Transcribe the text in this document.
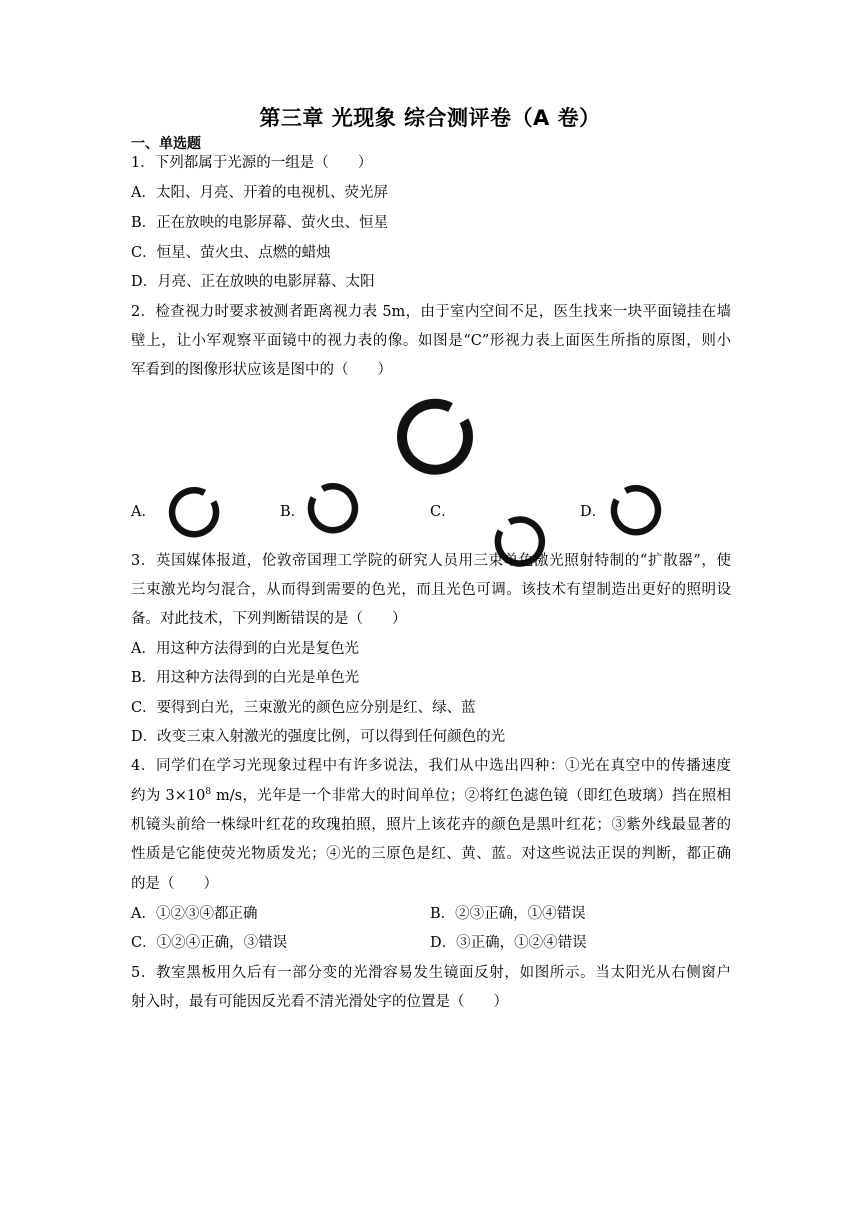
第三章 光现象 综合测评卷（A 卷）
一、单选题
1．下列都属于光源的一组是（　　）
A．太阳、月亮、开着的电视机、荧光屏
B．正在放映的电影屏幕、萤火虫、恒星
C．恒星、萤火虫、点燃的蜡烛
D．月亮、正在放映的电影屏幕、太阳
2．检查视力时要求被测者距离视力表 5m，由于室内空间不足，医生找来一块平面镜挂在墙
壁上，让小军观察平面镜中的视力表的像。如图是“C”形视力表上面医生所指的原图，则小
军看到的图像形状应该是图中的（　　）
A．	B．	C．	D．
3．英国媒体报道，伦敦帝国理工学院的研究人员用三束单色激光照射特制的“扩散器”，使
三束激光均匀混合，从而得到需要的色光，而且光色可调。该技术有望制造出更好的照明设
备。对此技术，下列判断错误的是（　　）
A．用这种方法得到的白光是复色光
B．用这种方法得到的白光是单色光
C．要得到白光，三束激光的颜色应分别是红、绿、蓝
D．改变三束入射激光的强度比例，可以得到任何颜色的光
4．同学们在学习光现象过程中有许多说法，我们从中选出四种：①光在真空中的传播速度
约为 $3\times 10^8$ m/s，光年是一个非常大的时间单位；②将红色滤色镜（即红色玻璃）挡在照相
机镜头前给一株绿叶红花的玫瑰拍照，照片上该花卉的颜色是黑叶红花；③紫外线最显著的
性质是它能使荧光物质发光；④光的三原色是红、黄、蓝。对这些说法正误的判断，都正确
的是（　　）
A．①②③④都正确	B．②③正确，①④错误
C．①②④正确，③错误	D．③正确，①②④错误
5．教室黑板用久后有一部分变的光滑容易发生镜面反射，如图所示。当太阳光从右侧窗户
射入时，最有可能因反光看不清光滑处字的位置是（　　）
